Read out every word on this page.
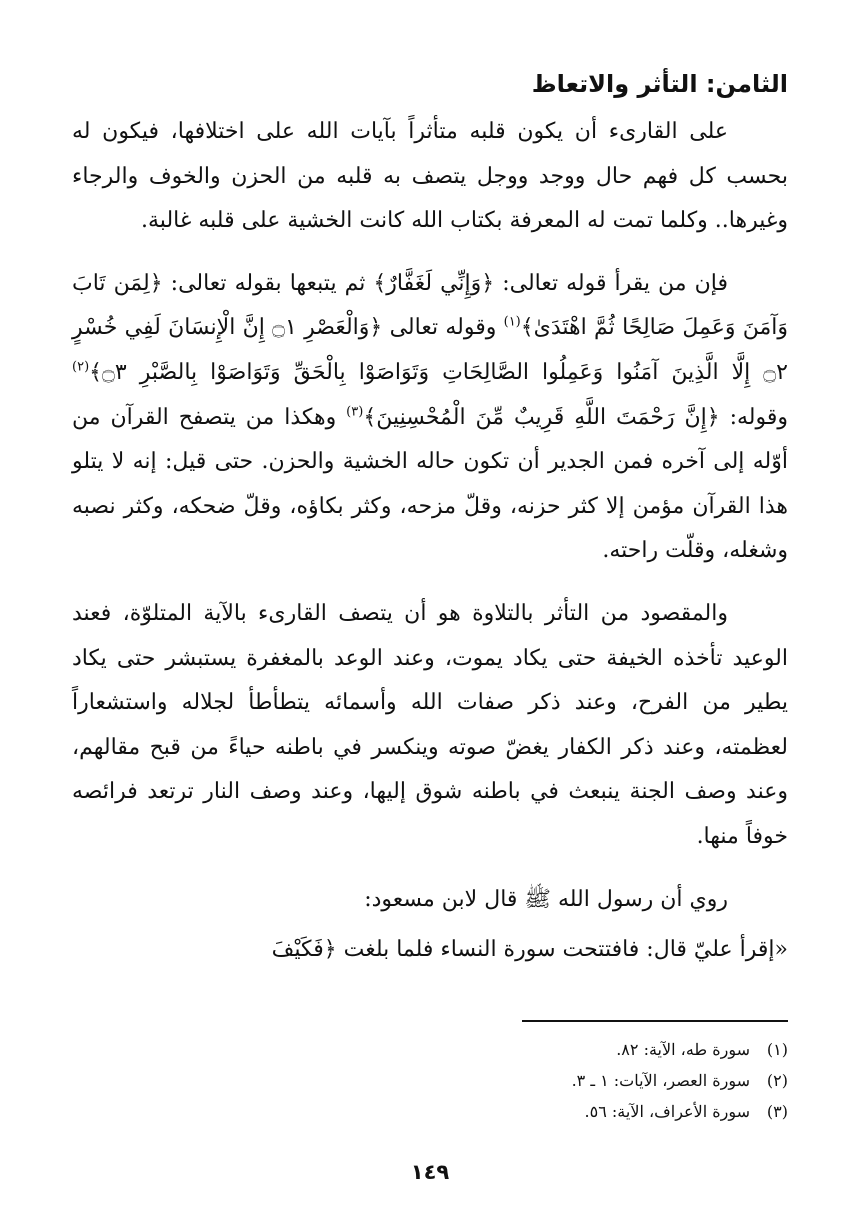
الثامن: التأثر والاتعاظ

على القارىء أن يكون قلبه متأثراً بآيات الله على اختلافها، فيكون له بحسب كل فهم حال ووجد ووجل يتصف به قلبه من الحزن والخوف والرجاء وغيرها.. وكلما تمت له المعرفة بكتاب الله كانت الخشية على قلبه غالبة.

فإن من يقرأ قوله تعالى: ﴿وَإِنِّي لَغَفَّارٌ﴾ ثم يتبعها بقوله تعالى: ﴿لِمَن تَابَ وَآمَنَ وَعَمِلَ صَالِحًا ثُمَّ اهْتَدَىٰ﴾$^{(١)}$ وقوله تعالى ﴿وَالْعَصْرِ ۝١ إِنَّ الْإِنسَانَ لَفِي خُسْرٍ ۝٢ إِلَّا الَّذِينَ آمَنُوا وَعَمِلُوا الصَّالِحَاتِ وَتَوَاصَوْا بِالْحَقِّ وَتَوَاصَوْا بِالصَّبْرِ ۝٣﴾$^{(٢)}$ وقوله: ﴿إِنَّ رَحْمَتَ اللَّهِ قَرِيبٌ مِّنَ الْمُحْسِنِينَ﴾$^{(٣)}$ وهكذا من يتصفح القرآن من أوّله إلى آخره فمن الجدير أن تكون حاله الخشية والحزن. حتى قيل: إنه لا يتلو هذا القرآن مؤمن إلا كثر حزنه، وقلّ مزحه، وكثر بكاؤه، وقلّ ضحكه، وكثر نصبه وشغله، وقلّت راحته.

والمقصود من التأثر بالتلاوة هو أن يتصف القارىء بالآية المتلوّة، فعند الوعيد تأخذه الخيفة حتى يكاد يموت، وعند الوعد بالمغفرة يستبشر حتى يكاد يطير من الفرح، وعند ذكر صفات الله وأسمائه يتطأطأ لجلاله واستشعاراً لعظمته، وعند ذكر الكفار يغضّ صوته وينكسر في باطنه حياءً من قبح مقالهم، وعند وصف الجنة ينبعث في باطنه شوق إليها، وعند وصف النار ترتعد فرائصه خوفاً منها.

روي أن رسول الله ﷺ قال لابن مسعود:

«إقرأ عليّ قال: فافتتحت سورة النساء فلما بلغت ﴿فَكَيْفَ

(١)سورة طه، الآية: ٨٢.
(٢)سورة العصر، الآيات: ١ ـ ٣.
(٣)سورة الأعراف، الآية: ٥٦.
١٤٩
